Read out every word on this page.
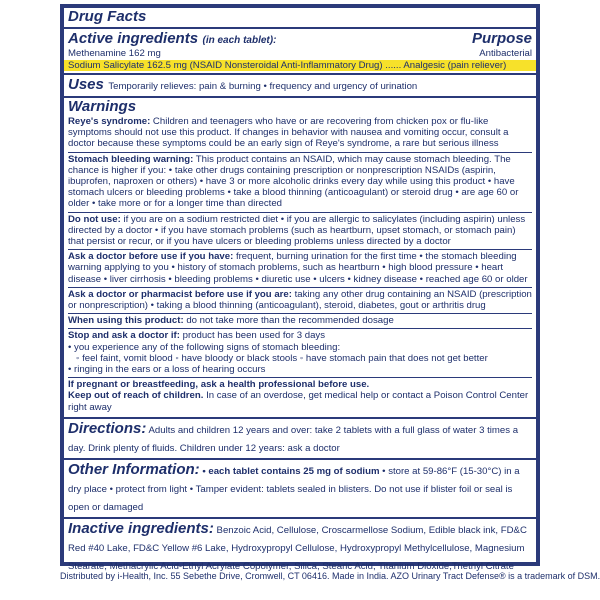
Drug Facts
Active ingredients (in each tablet):	Purpose
Methenamine 162 mg	Antibacterial
Sodium Salicylate 162.5 mg (NSAID Nonsteroidal Anti-Inflammatory Drug) ...... Analgesic (pain reliever)
Uses Temporarily relieves: pain & burning • frequency and urgency of urination
Warnings
Reye's syndrome: Children and teenagers who have or are recovering from chicken pox or flu-like symptoms should not use this product. If changes in behavior with nausea and vomiting occur, consult a doctor because these symptoms could be an early sign of Reye's syndrome, a rare but serious illness
Stomach bleeding warning: This product contains an NSAID, which may cause stomach bleeding. The chance is higher if you: • take other drugs containing prescription or nonprescription NSAIDs (aspirin, ibuprofen, naproxen or others) • have 3 or more alcoholic drinks every day while using this product • have stomach ulcers or bleeding problems • take a blood thinning (anticoagulant) or steroid drug • are age 60 or older • take more or for a longer time than directed
Do not use: if you are on a sodium restricted diet • if you are allergic to salicylates (including aspirin) unless directed by a doctor • if you have stomach problems (such as heartburn, upset stomach, or stomach pain) that persist or recur, or if you have ulcers or bleeding problems unless directed by a doctor
Ask a doctor before use if you have: frequent, burning urination for the first time • the stomach bleeding warning applying to you • history of stomach problems, such as heartburn • high blood pressure • heart disease • liver cirrhosis • bleeding problems • diuretic use • ulcers • kidney disease • reached age 60 or older
Ask a doctor or pharmacist before use if you are: taking any other drug containing an NSAID (prescription or nonprescription) • taking a blood thinning (anticoagulant), steroid, diabetes, gout or arthritis drug
When using this product: do not take more than the recommended dosage
Stop and ask a doctor if: product has been used for 3 days
• you experience any of the following signs of stomach bleeding:
◦ feel faint, vomit blood ◦ have bloody or black stools ◦ have stomach pain that does not get better
• ringing in the ears or a loss of hearing occurs
If pregnant or breastfeeding, ask a health professional before use.
Keep out of reach of children. In case of an overdose, get medical help or contact a Poison Control Center right away
Directions: Adults and children 12 years and over: take 2 tablets with a full glass of water 3 times a day. Drink plenty of fluids. Children under 12 years: ask a doctor
Other Information: • each tablet contains 25 mg of sodium • store at 59-86°F (15-30°C) in a dry place • protect from light • Tamper evident: tablets sealed in blisters. Do not use if blister foil or seal is open or damaged
Inactive ingredients: Benzoic Acid, Cellulose, Croscarmellose Sodium, Edible black ink, FD&C Red #40 Lake, FD&C Yellow #6 Lake, Hydroxypropyl Cellulose, Hydroxypropyl Methylcellulose, Magnesium Stearate, Methacrylic Acid-Ethyl Acrylate Copolymer, Silica, Stearic Acid, Titanium Dioxide,Triethyl Citrate
Distributed by i-Health, Inc. 55 Sebethe Drive, Cromwell, CT 06416. Made in India. AZO Urinary Tract Defense® is a trademark of DSM.
